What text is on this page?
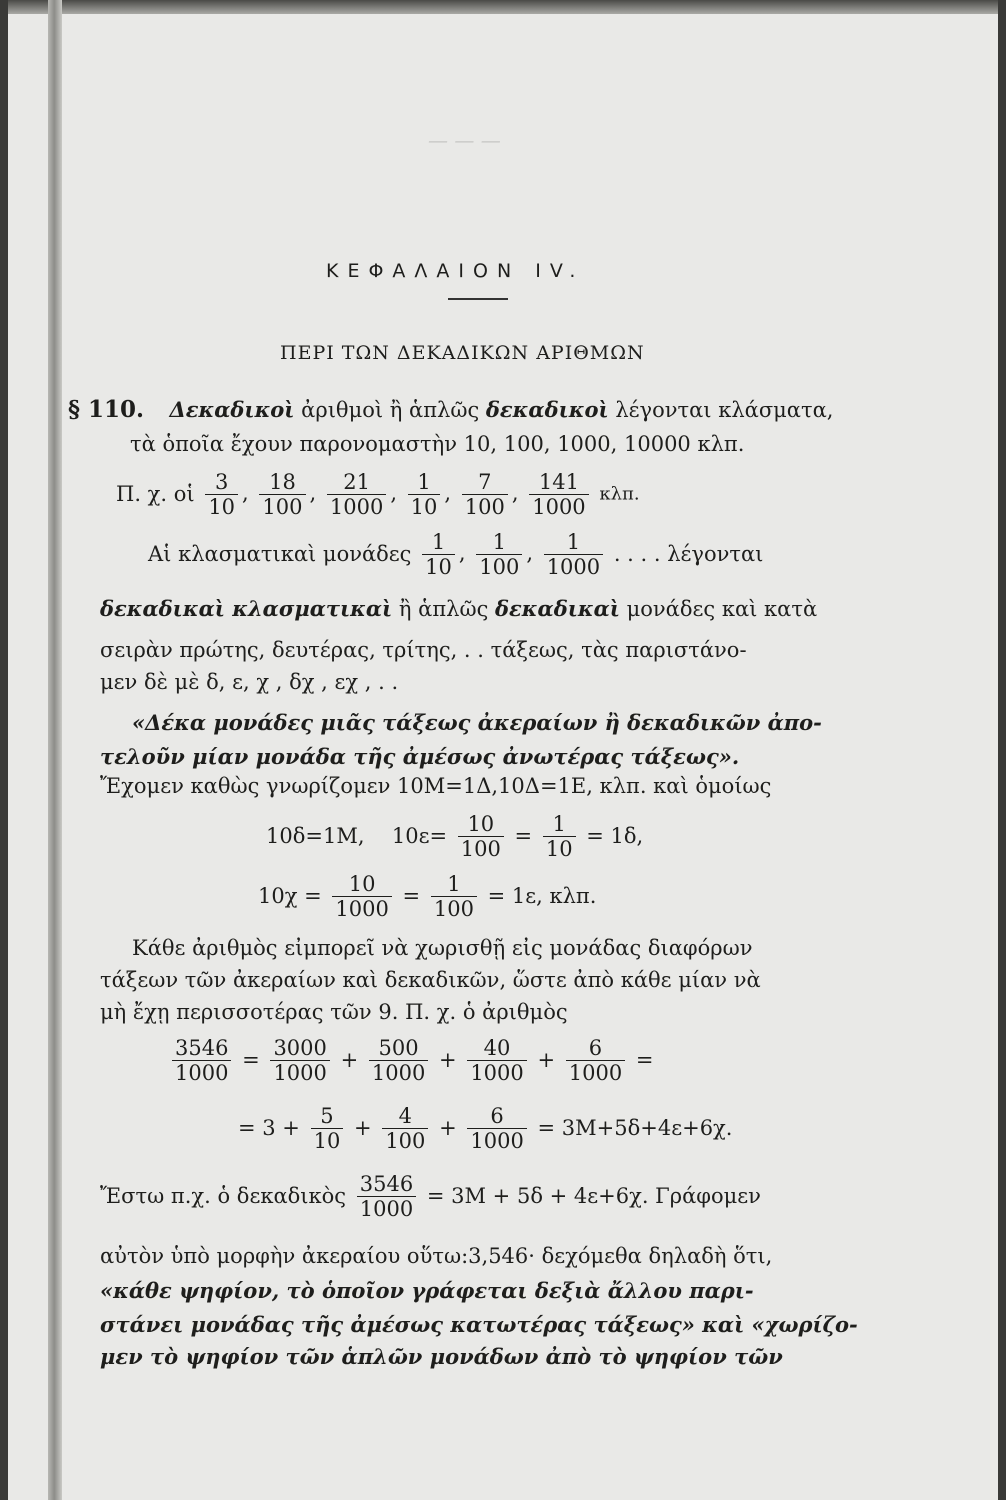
— — —
ΚΕΦΑΛΑΙΟΝ IV.
ΠΕΡΙ ΤΩΝ ΔΕΚΑΔΙΚΩΝ ΑΡΙΘΜΩΝ
§ 110. Δεκαδικοὶ ἀριθμοὶ ἢ ἁπλῶς δεκαδικοὶ λέγονται κλάσματα,
τὰ ὁποῖα ἔχουν παρονομαστὴν 10, 100, 1000, 10000 κλπ.
Π. χ. οἱ $\frac{3}{10}$ , $\frac{18}{100}$ , $\frac{21}{1000}$ , $\frac{1}{10}$ , $\frac{7}{100}$ , $\frac{141}{1000} \kappa\lambda\pi$.
Αἱ κλασματικαὶ μονάδες $\frac{1}{10}$ , $\frac{1}{100}$ , $\frac{1}{1000}$ . . . . λέγονται
δεκαδικαὶ κλασματικαὶ ἢ ἁπλῶς δεκαδικαὶ μονάδες καὶ κατὰ
σειρὰν πρώτης, δευτέρας, τρίτης, . . τάξεως, τὰς παριστάνο-
μεν δὲ μὲ δ, ε, χ , δχ , εχ , . .
«Δέκα μονάδες μιᾶς τάξεως ἀκεραίων ἢ δεκαδικῶν ἀπο-
τελοῦν μίαν μονάδα τῆς ἀμέσως ἀνωτέρας τάξεως».
Ἔχομεν καθὼς γνωρίζομεν 10Μ=1Δ,10Δ=1Ε, κλπ. καὶ ὁμοίως
10δ=1Μ, $10\varepsilon= \frac{10}{100} = \frac{1}{10} = 1\delta$,
$10\chi = \frac{10}{1000} = \frac{1}{100} = 1\varepsilon$, κλπ.
Κάθε ἀριθμὸς εἰμπορεῖ νὰ χωρισθῇ εἰς μονάδας διαφόρων
τάξεων τῶν ἀκεραίων καὶ δεκαδικῶν, ὥστε ἀπὸ κάθε μίαν νὰ
μὴ ἔχῃ περισσοτέρας τῶν 9. Π. χ. ὁ ἀριθμὸς
$\frac{3546}{1000} = \frac{3000}{1000} + \frac{500}{1000} + \frac{40}{1000} + \frac{6}{1000}$ =
= $3 + \frac{5}{10} + \frac{4}{100} + \frac{6}{1000} = 3M+5\delta+4\varepsilon+6\chi$.
Ἔστω π.χ. ὁ δεκαδικὸς $\frac{3546}{1000} = 3M + 5\delta + 4\varepsilon+6\chi$. Γράφομεν
αὐτὸν ὑπὸ μορφὴν ἀκεραίου οὕτω:3,546· δεχόμεθα δηλαδὴ ὅτι,
«κάθε ψηφίον, τὸ ὁποῖον γράφεται δεξιὰ ἄλλου παρι-
στάνει μονάδας τῆς ἀμέσως κατωτέρας τάξεως» καὶ «χωρίζο-
μεν τὸ ψηφίον τῶν ἁπλῶν μονάδων ἀπὸ τὸ ψηφίον τῶν
